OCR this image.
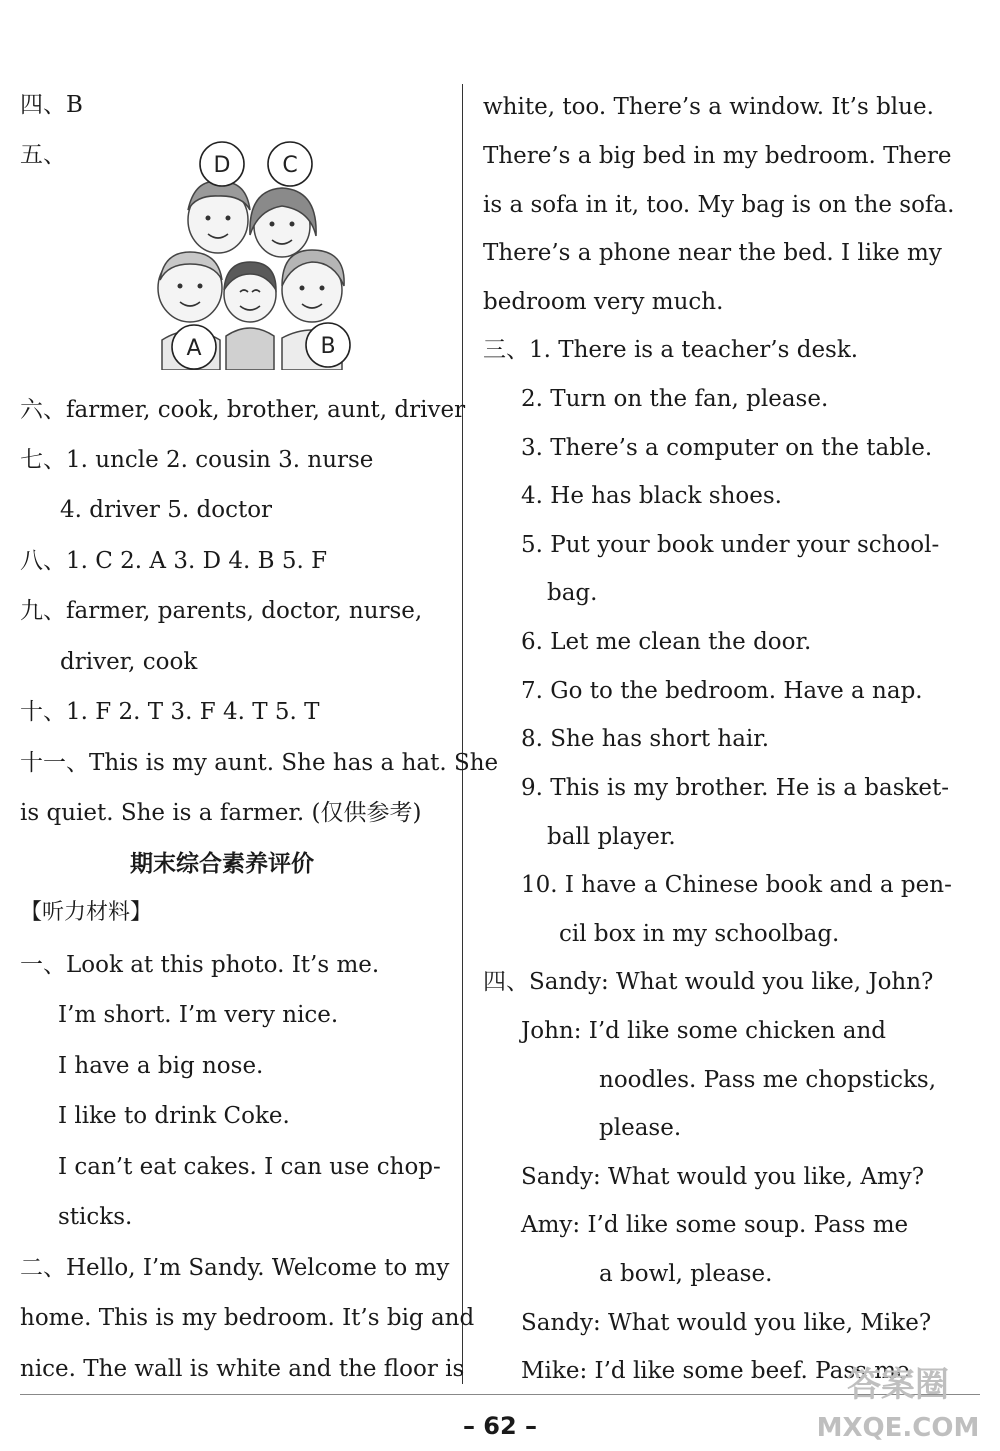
四、B
五、	D C
A	B
六、farmer, cook, brother, aunt, driver
七、1. uncle 2. cousin 3. nurse
4. driver 5. doctor
八、1. C 2. A 3. D 4. B 5. F
九、farmer, parents, doctor, nurse,
driver, cook
十、1. F 2. T 3. F 4. T 5. T
十一、This is my aunt. She has a hat. She
is quiet. She is a farmer. (仅供参考)
期末综合素养评价
【听力材料】
一、Look at this photo. It’s me.
I’m short. I’m very nice.
I have a big nose.
I like to drink Coke.
I can’t eat cakes. I can use chop-
sticks.
二、Hello, I’m Sandy. Welcome to my
home. This is my bedroom. It’s big and
nice. The wall is white and the floor is
white, too. There’s a window. It’s blue.
There’s a big bed in my bedroom. There
is a sofa in it, too. My bag is on the sofa.
There’s a phone near the bed. I like my
bedroom very much.
三、1. There is a teacher’s desk.
2. Turn on the fan, please.
3. There’s a computer on the table.
4. He has black shoes.
5. Put your book under your school-
bag.
6. Let me clean the door.
7. Go to the bedroom. Have a nap.
8. She has short hair.
9. This is my brother. He is a basket-
ball player.
10. I have a Chinese book and a pen-
cil box in my schoolbag.
四、Sandy: What would you like, John?
John: I’d like some chicken and
noodles. Pass me chopsticks,
please.
Sandy: What would you like, Amy?
Amy: I’d like some soup. Pass me
a bowl, please.
Sandy: What would you like, Mike?
Mike: I’d like some beef. Pass me
– 62 –
答案圈
MXQE.COM
